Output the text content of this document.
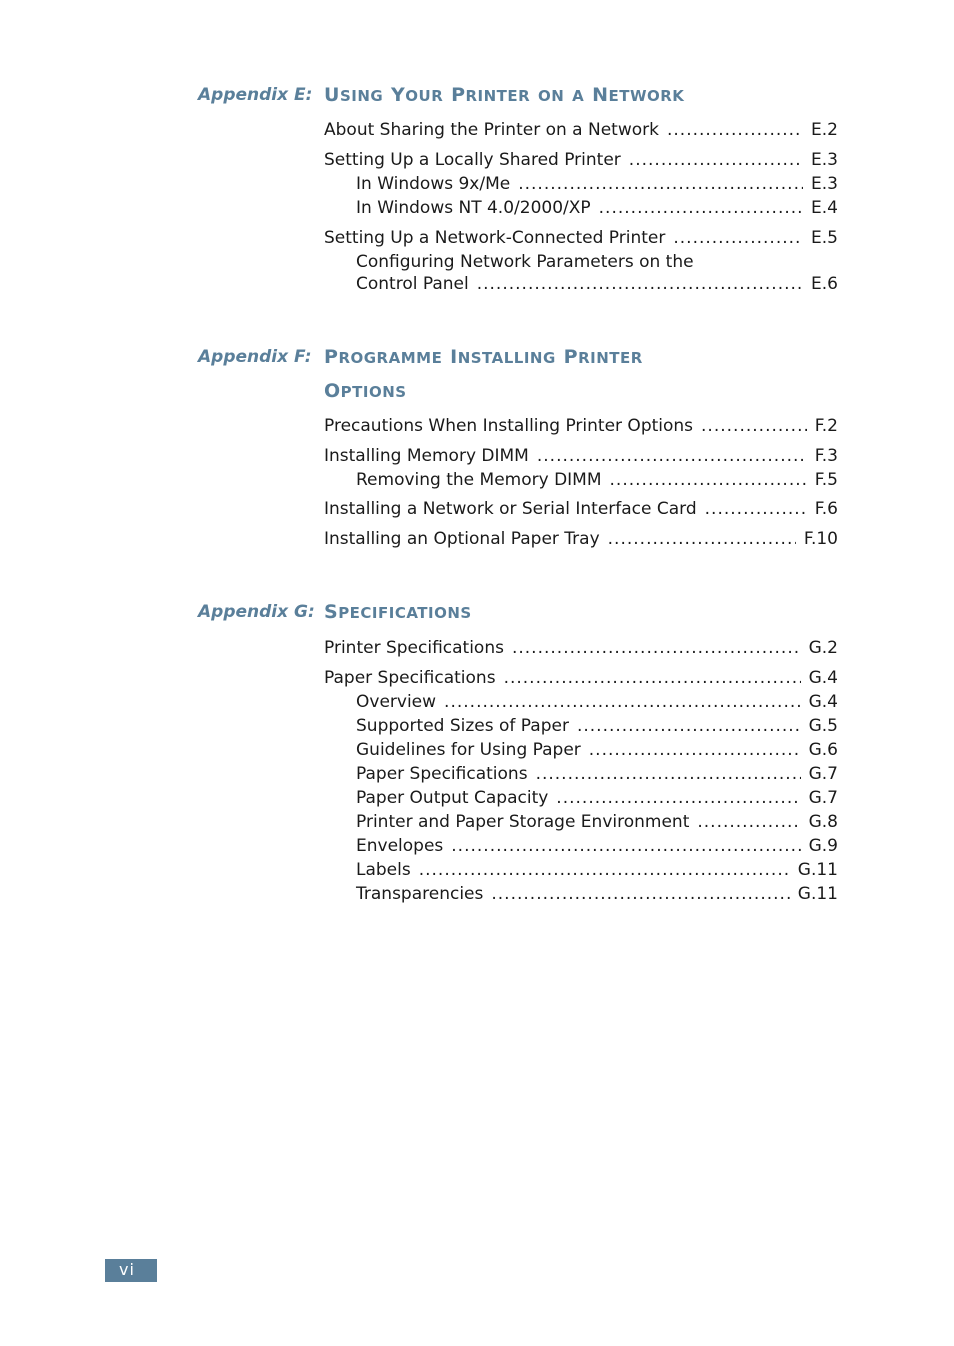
Appendix E: using your printer on a network
About Sharing the Printer on a Network .....	E.2
Setting Up a Locally Shared Printer .....	E.3
In Windows 9x/Me .....	E.3
In Windows NT 4.0/2000/XP .....	E.4
Setting Up a Network-Connected Printer .....	E.5
Configuring Network Parameters on the
Control Panel .....	E.6
Appendix F: programme installing printer
options
Precautions When Installing Printer Options .....	F.2
Installing Memory DIMM .....	F.3
Removing the Memory DIMM .....	F.5
Installing a Network or Serial Interface Card .....	F.6
Installing an Optional Paper Tray .....	F.10
Appendix G: specifications
Printer Specifications .....	G.2
Paper Specifications .....	G.4
Overview .....	G.4
Supported Sizes of Paper .....	G.5
Guidelines for Using Paper .....	G.6
Paper Specifications .....	G.7
Paper Output Capacity .....	G.7
Printer and Paper Storage Environment .....	G.8
Envelopes .....	G.9
Labels .....	G.11
Transparencies .....	G.11
vi
